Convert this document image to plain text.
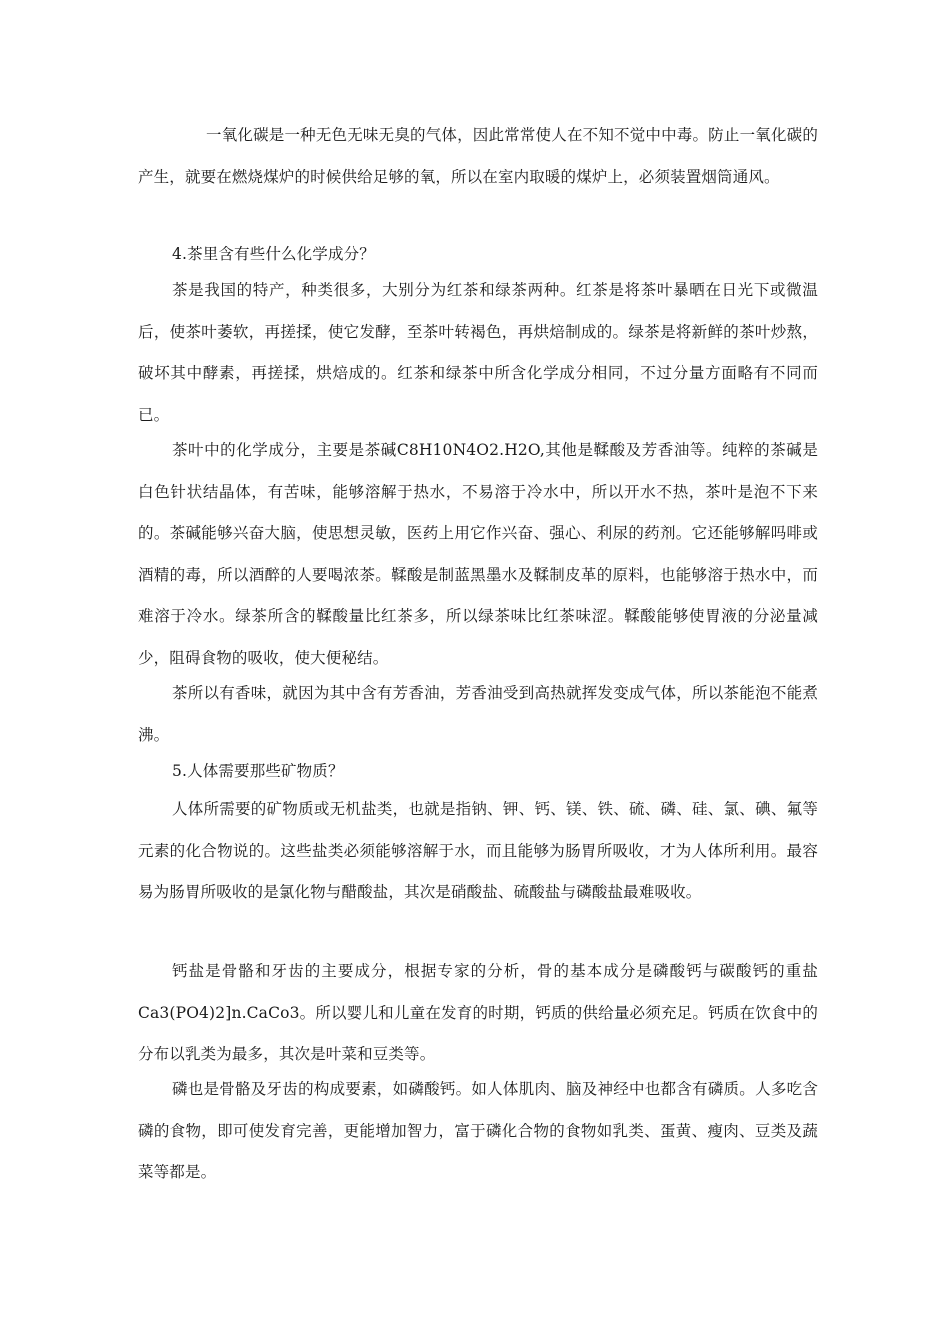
一氧化碳是一种无色无味无臭的气体，因此常常使人在不知不觉中中毒。防止一氧化碳的产生，就要在燃烧煤炉的时候供给足够的氧，所以在室内取暖的煤炉上，必须装置烟筒通风。

4.茶里含有些什么化学成分？

茶是我国的特产，种类很多，大别分为红茶和绿茶两种。红茶是将茶叶暴晒在日光下或微温后，使茶叶萎软，再搓揉，使它发酵，至茶叶转褐色，再烘焙制成的。绿茶是将新鲜的茶叶炒熬，破坏其中酵素，再搓揉，烘焙成的。红茶和绿茶中所含化学成分相同，不过分量方面略有不同而已。

茶叶中的化学成分，主要是茶碱C8H10N4O2.H2O,其他是鞣酸及芳香油等。纯粹的茶碱是白色针状结晶体，有苦味，能够溶解于热水，不易溶于冷水中，所以开水不热，茶叶是泡不下来的。茶碱能够兴奋大脑，使思想灵敏，医药上用它作兴奋、强心、利尿的药剂。它还能够解吗啡或酒精的毒，所以酒醉的人要喝浓茶。鞣酸是制蓝黑墨水及鞣制皮革的原料，也能够溶于热水中，而难溶于冷水。绿茶所含的鞣酸量比红茶多，所以绿茶味比红茶味涩。鞣酸能够使胃液的分泌量减少，阻碍食物的吸收，使大便秘结。

茶所以有香味，就因为其中含有芳香油，芳香油受到高热就挥发变成气体，所以茶能泡不能煮沸。

5.人体需要那些矿物质？

人体所需要的矿物质或无机盐类，也就是指钠、钾、钙、镁、铁、硫、磷、硅、氯、碘、氟等元素的化合物说的。这些盐类必须能够溶解于水，而且能够为肠胃所吸收，才为人体所利用。最容易为肠胃所吸收的是氯化物与醋酸盐，其次是硝酸盐、硫酸盐与磷酸盐最难吸收。

钙盐是骨骼和牙齿的主要成分，根据专家的分析，骨的基本成分是磷酸钙与碳酸钙的重盐Ca3(PO4)2]n.CaCo3。所以婴儿和儿童在发育的时期，钙质的供给量必须充足。钙质在饮食中的分布以乳类为最多，其次是叶菜和豆类等。

磷也是骨骼及牙齿的构成要素，如磷酸钙。如人体肌肉、脑及神经中也都含有磷质。人多吃含磷的食物，即可使发育完善，更能增加智力，富于磷化合物的食物如乳类、蛋黄、瘦肉、豆类及蔬菜等都是。
